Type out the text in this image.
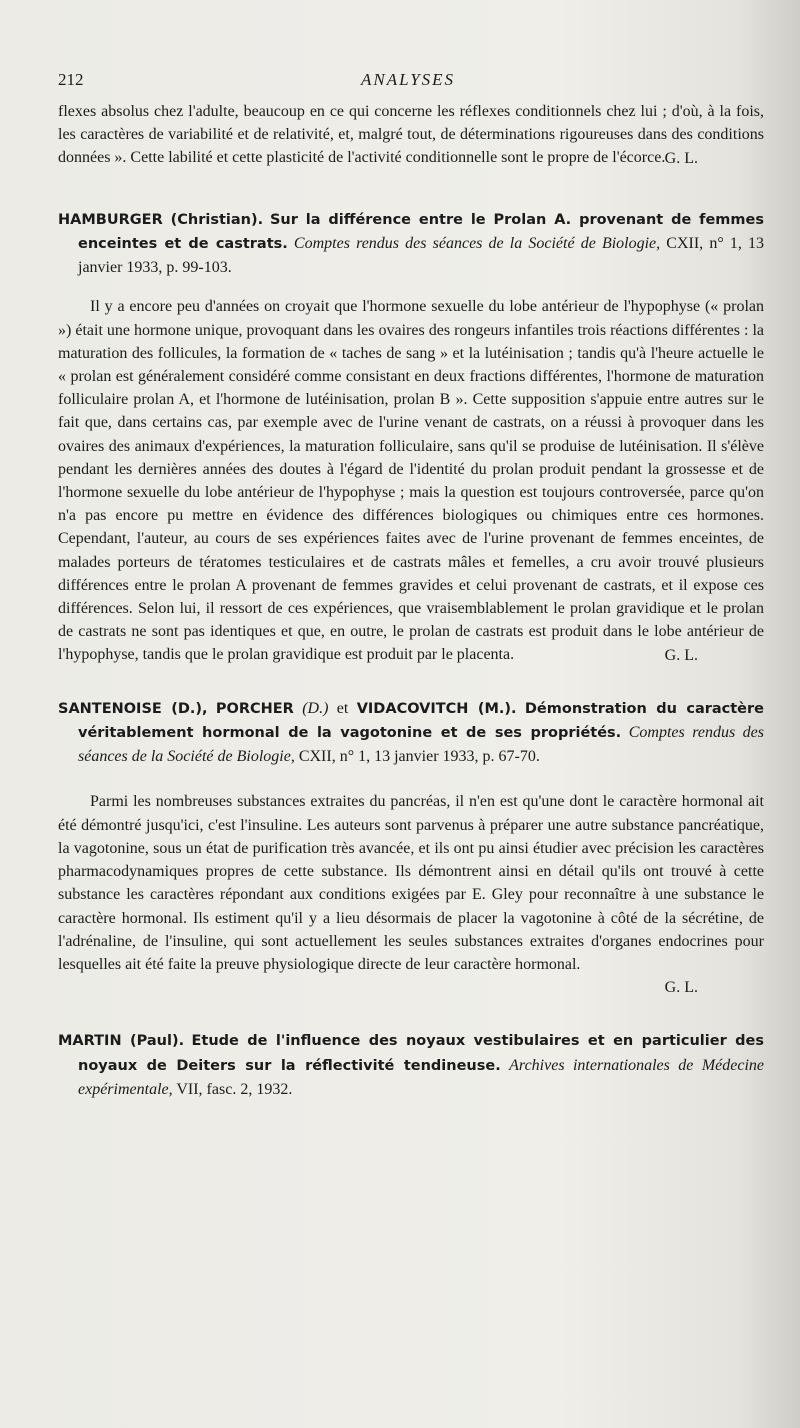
212	ANALYSES

flexes absolus chez l'adulte, beaucoup en ce qui concerne les réflexes conditionnels chez lui ; d'où, à la fois, les caractères de variabilité et de relativité, et, malgré tout, de déterminations rigoureuses dans des conditions données ». Cette labilité et cette plasticité de l'activité conditionnelle sont le propre de l'écorce. G. L.

HAMBURGER (Christian). Sur la différence entre le Prolan A. provenant de femmes enceintes et de castrats. Comptes rendus des séances de la Société de Biologie, CXII, n° 1, 13 janvier 1933, p. 99-103.

Il y a encore peu d'années on croyait que l'hormone sexuelle du lobe antérieur de l'hypophyse (« prolan ») était une hormone unique, provoquant dans les ovaires des rongeurs infantiles trois réactions différentes : la maturation des follicules, la formation de « taches de sang » et la lutéinisation ; tandis qu'à l'heure actuelle le « prolan est généralement considéré comme consistant en deux fractions différentes, l'hormone de maturation folliculaire prolan A, et l'hormone de lutéinisation, prolan B ». Cette supposition s'appuie entre autres sur le fait que, dans certains cas, par exemple avec de l'urine venant de castrats, on a réussi à provoquer dans les ovaires des animaux d'expériences, la maturation folliculaire, sans qu'il se produise de lutéinisation. Il s'élève pendant les dernières années des doutes à l'égard de l'identité du prolan produit pendant la grossesse et de l'hormone sexuelle du lobe antérieur de l'hypophyse ; mais la question est toujours controversée, parce qu'on n'a pas encore pu mettre en évidence des différences biologiques ou chimiques entre ces hormones. Cependant, l'auteur, au cours de ses expériences faites avec de l'urine provenant de femmes enceintes, de malades porteurs de tératomes testiculaires et de castrats mâles et femelles, a cru avoir trouvé plusieurs différences entre le prolan A provenant de femmes gravides et celui provenant de castrats, et il expose ces différences. Selon lui, il ressort de ces expériences, que vraisemblablement le prolan gravidique et le prolan de castrats ne sont pas identiques et que, en outre, le prolan de castrats est produit dans le lobe antérieur de l'hypophyse, tandis que le prolan gravidique est produit par le placenta.	G. L.

SANTENOISE (D.), PORCHER (D.) et VIDACOVITCH (M.). Démonstration du caractère véritablement hormonal de la vagotonine et de ses propriétés. Comptes rendus des séances de la Société de Biologie, CXII, n° 1, 13 janvier 1933, p. 67-70.

Parmi les nombreuses substances extraites du pancréas, il n'en est qu'une dont le caractère hormonal ait été démontré jusqu'ici, c'est l'insuline. Les auteurs sont parvenus à préparer une autre substance pancréatique, la vagotonine, sous un état de purification très avancée, et ils ont pu ainsi étudier avec précision les caractères pharmacodynamiques propres de cette substance. Ils démontrent ainsi en détail qu'ils ont trouvé à cette substance les caractères répondant aux conditions exigées par E. Gley pour reconnaître à une substance le caractère hormonal. Ils estiment qu'il y a lieu désormais de placer la vagotonine à côté de la sécrétine, de l'adrénaline, de l'insuline, qui sont actuellement les seules substances extraites d'organes endocrines pour lesquelles ait été faite la preuve physiologique directe de leur caractère hormonal.

G. L.

MARTIN (Paul). Etude de l'influence des noyaux vestibulaires et en particulier des noyaux de Deiters sur la réflectivité tendineuse. Archives internationales de Médecine expérimentale, VII, fasc. 2, 1932.
